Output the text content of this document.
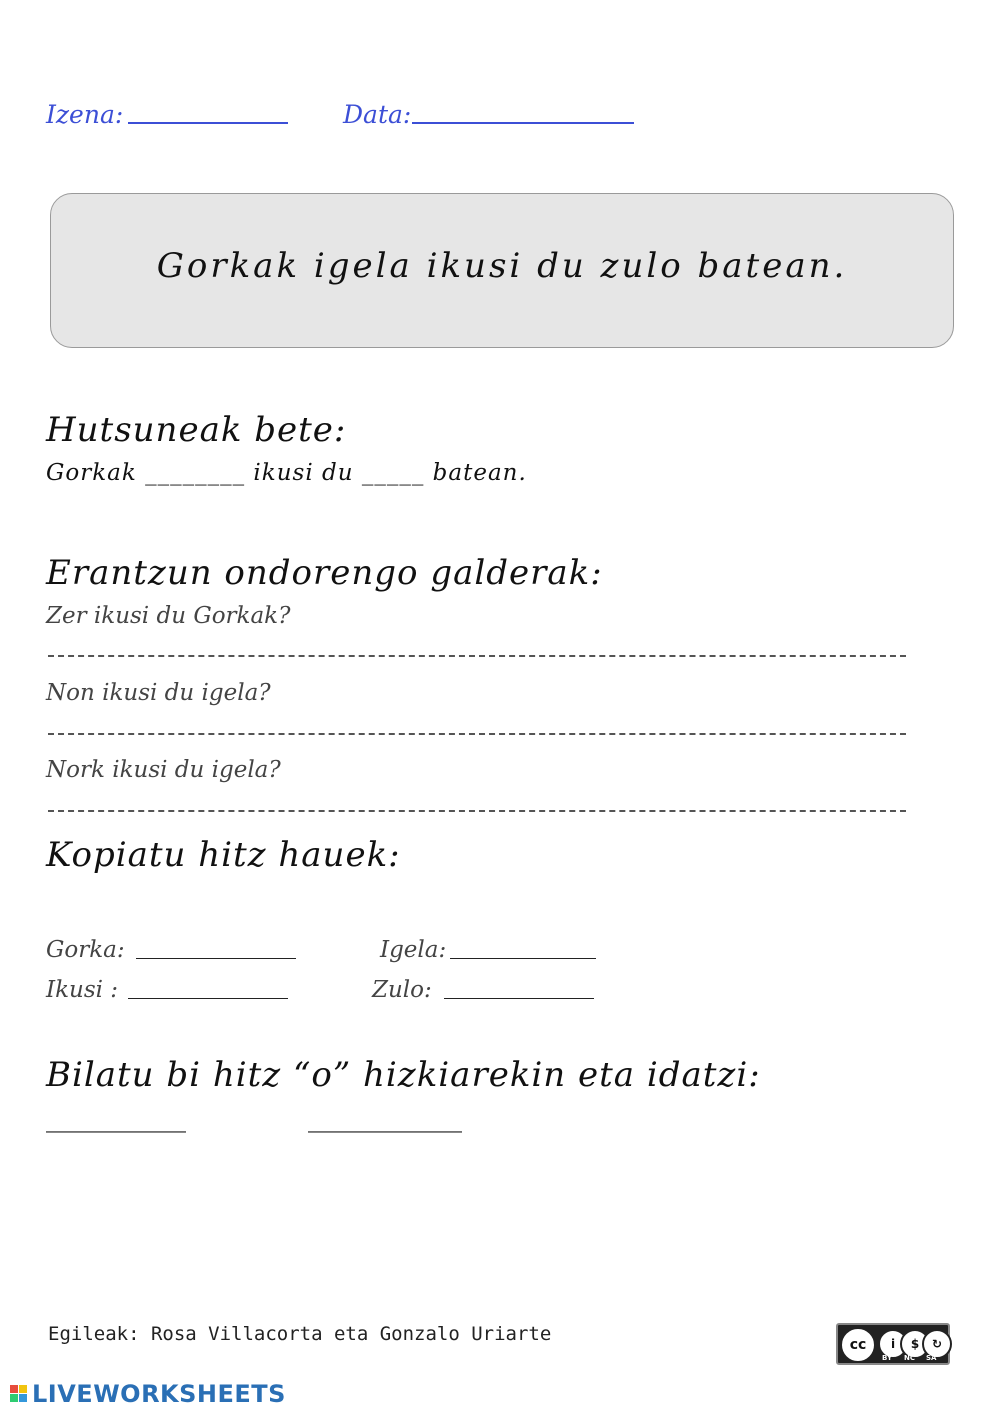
Izena:	Data:
Gorkak igela ikusi du zulo batean.
Hutsuneak bete:
Gorkak ________ ikusi du _____ batean.
Erantzun ondorengo galderak:
Zer ikusi du Gorkak?
Non ikusi du igela?
Nork ikusi du igela?
Kopiatu hitz hauek:
Gorka:	Igela:
Ikusi :	Zulo:
Bilatu bi hitz “o” hizkiarekin eta idatzi:
__________	___________
Egileak: Rosa Villacorta eta Gonzalo Uriarte	cc	i	$	↻
BY NC SA
LIVEWORKSHEETS
